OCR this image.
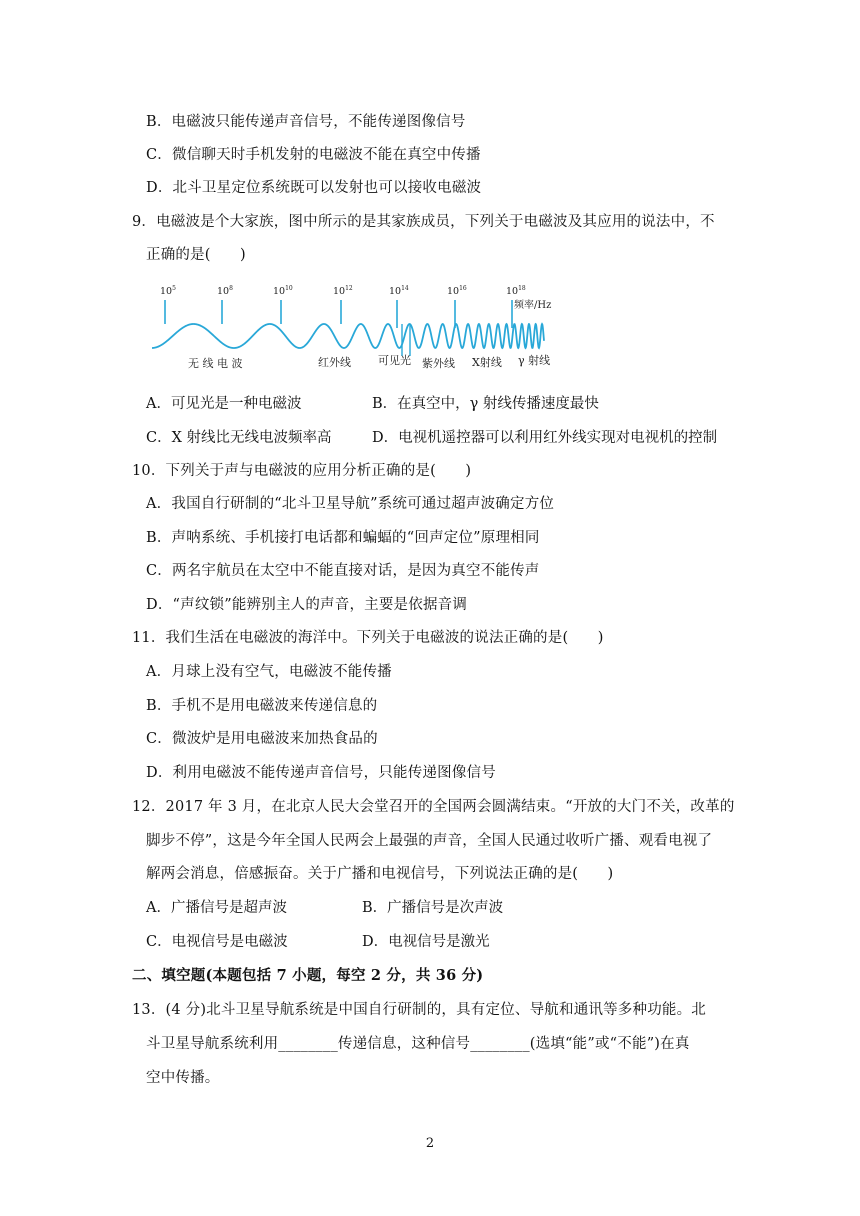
B．电磁波只能传递声音信号，不能传递图像信号
C．微信聊天时手机发射的电磁波不能在真空中传播
D．北斗卫星定位系统既可以发射也可以接收电磁波
9．电磁波是个大家族，图中所示的是其家族成员，下列关于电磁波及其应用的说法中，不
正确的是(　　)
$10^5$	$10^8$	$10^{10}$	$10^{12}$	$10^{14}$	$10^{16}$	$10^{18}$
频率/Hz
无 线 电 波	红外线 可见光 紫外线 X射线 γ 射线
A．可见光是一种电磁波	B．在真空中，γ 射线传播速度最快
C．X 射线比无线电波频率高	D．电视机遥控器可以利用红外线实现对电视机的控制
10．下列关于声与电磁波的应用分析正确的是(　　)
A．我国自行研制的“北斗卫星导航”系统可通过超声波确定方位
B．声呐系统、手机接打电话都和蝙蝠的“回声定位”原理相同
C．两名宇航员在太空中不能直接对话，是因为真空不能传声
D．“声纹锁”能辨别主人的声音，主要是依据音调
11．我们生活在电磁波的海洋中。下列关于电磁波的说法正确的是(　　)
A．月球上没有空气，电磁波不能传播
B．手机不是用电磁波来传递信息的
C．微波炉是用电磁波来加热食品的
D．利用电磁波不能传递声音信号，只能传递图像信号
12．2017 年 3 月，在北京人民大会堂召开的全国两会圆满结束。“开放的大门不关，改革的
脚步不停”，这是今年全国人民两会上最强的声音，全国人民通过收听广播、观看电视了
解两会消息，倍感振奋。关于广播和电视信号，下列说法正确的是(　　)
A．广播信号是超声波	B．广播信号是次声波
C．电视信号是电磁波	D．电视信号是激光
二、填空题(本题包括 7 小题，每空 2 分，共 36 分)
13．(4 分)北斗卫星导航系统是中国自行研制的，具有定位、导航和通讯等多种功能。北
斗卫星导航系统利用________传递信息，这种信号________(选填“能”或“不能”)在真
空中传播。
2
